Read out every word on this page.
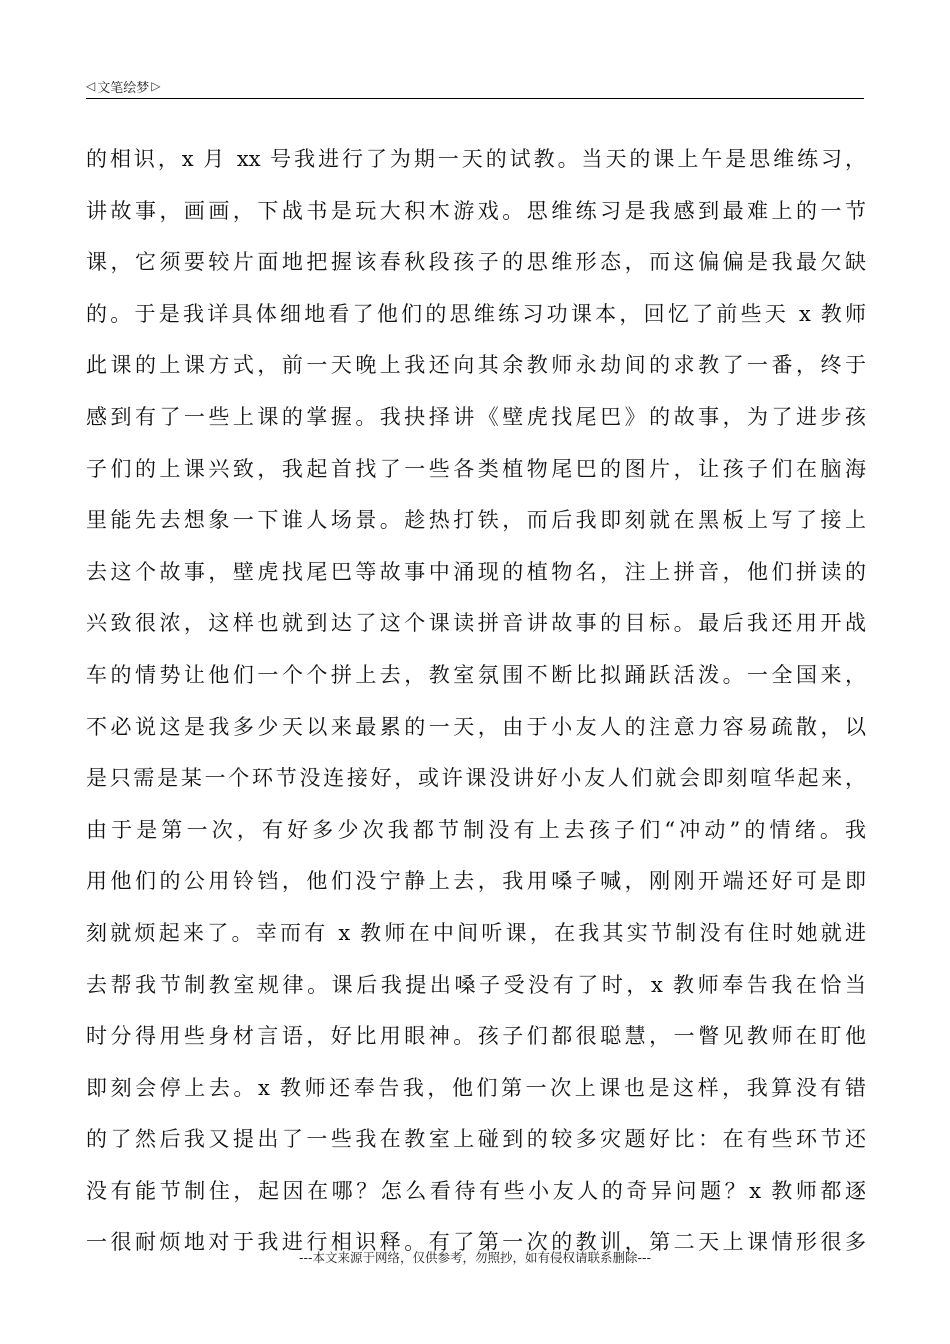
◁ 文笔绘梦 ▷
的相识，x 月 xx 号我进行了为期一天的试教。当天的课上午是思维练习，
讲故事，画画，下战书是玩大积木游戏。思维练习是我感到最难上的一节
课，它须要较片面地把握该春秋段孩子的思维形态，而这偏偏是我最欠缺
的。于是我详具体细地看了他们的思维练习功课本，回忆了前些天 x 教师
此课的上课方式，前一天晚上我还向其余教师永劫间的求教了一番，终于
感到有了一些上课的掌握。我抉择讲《壁虎找尾巴》的故事，为了进步孩
子们的上课兴致，我起首找了一些各类植物尾巴的图片，让孩子们在脑海
里能先去想象一下谁人场景。趁热打铁，而后我即刻就在黑板上写了接上
去这个故事，壁虎找尾巴等故事中涌现的植物名，注上拼音，他们拼读的
兴致很浓，这样也就到达了这个课读拼音讲故事的目标。最后我还用开战
车的情势让他们一个个拼上去，教室氛围不断比拟踊跃活泼。一全国来，
不必说这是我多少天以来最累的一天，由于小友人的注意力容易疏散，以
是只需是某一个环节没连接好，或许课没讲好小友人们就会即刻喧华起来，
由于是第一次，有好多少次我都节制没有上去孩子们“冲动”的情绪。我
用他们的公用铃铛，他们没宁静上去，我用嗓子喊，刚刚开端还好可是即
刻就烦起来了。幸而有 x 教师在中间听课，在我其实节制没有住时她就进
去帮我节制教室规律。课后我提出嗓子受没有了时，x 教师奉告我在恰当
时分得用些身材言语，好比用眼神。孩子们都很聪慧，一瞥见教师在盯他
即刻会停上去。x 教师还奉告我，他们第一次上课也是这样，我算没有错
的了然后我又提出了一些我在教室上碰到的较多灾题好比：在有些环节还
没有能节制住，起因在哪？怎么看待有些小友人的奇异问题？x 教师都逐
一很耐烦地对于我进行相识释。有了第一次的教训，第二天上课情形很多
---本文来源于网络，仅供参考，勿照抄，如有侵权请联系删除---
